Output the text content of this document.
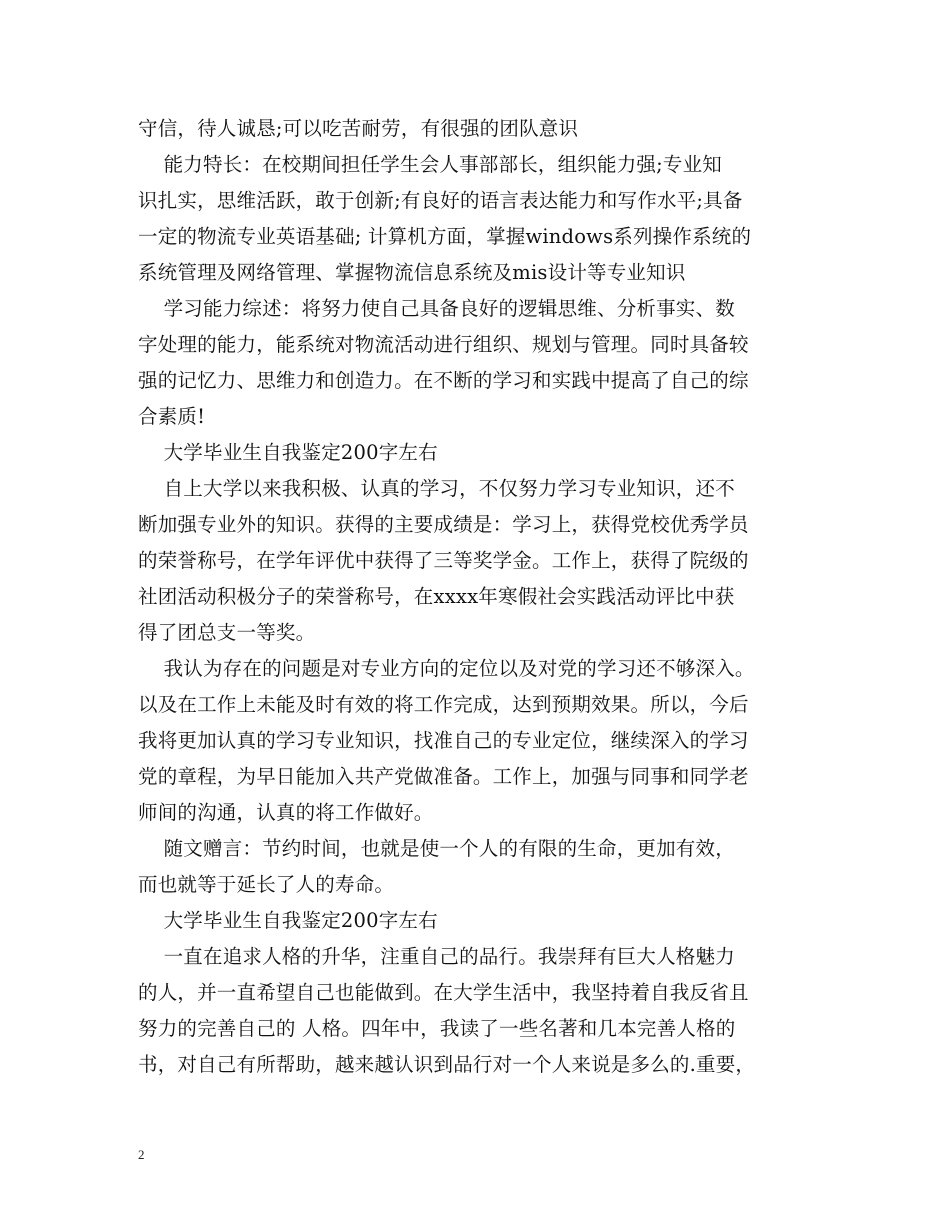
守信，待人诚恳;可以吃苦耐劳，有很强的团队意识
能力特长：在校期间担任学生会人事部部长，组织能力强;专业知
识扎实，思维活跃，敢于创新;有良好的语言表达能力和写作水平;具备
一定的物流专业英语基础; 计算机方面，掌握windows系列操作系统的
系统管理及网络管理、掌握物流信息系统及mis设计等专业知识
学习能力综述：将努力使自己具备良好的逻辑思维、分析事实、数
字处理的能力，能系统对物流活动进行组织、规划与管理。同时具备较
强的记忆力、思维力和创造力。在不断的学习和实践中提高了自己的综
合素质!
大学毕业生自我鉴定200字左右
自上大学以来我积极、认真的学习，不仅努力学习专业知识，还不
断加强专业外的知识。获得的主要成绩是：学习上，获得党校优秀学员
的荣誉称号，在学年评优中获得了三等奖学金。工作上，获得了院级的
社团活动积极分子的荣誉称号，在xxxx年寒假社会实践活动评比中获
得了团总支一等奖。
我认为存在的问题是对专业方向的定位以及对党的学习还不够深入。
以及在工作上未能及时有效的将工作完成，达到预期效果。所以，今后
我将更加认真的学习专业知识，找准自己的专业定位，继续深入的学习
党的章程，为早日能加入共产党做准备。工作上，加强与同事和同学老
师间的沟通，认真的将工作做好。
随文赠言：节约时间，也就是使一个人的有限的生命，更加有效，
而也就等于延长了人的寿命。
大学毕业生自我鉴定200字左右
一直在追求人格的升华，注重自己的品行。我崇拜有巨大人格魅力
的人，并一直希望自己也能做到。在大学生活中，我坚持着自我反省且
努力的完善自己的 人格。四年中，我读了一些名著和几本完善人格的
书，对自己有所帮助，越来越认识到品行对一个人来说是多么的.重要，
2
